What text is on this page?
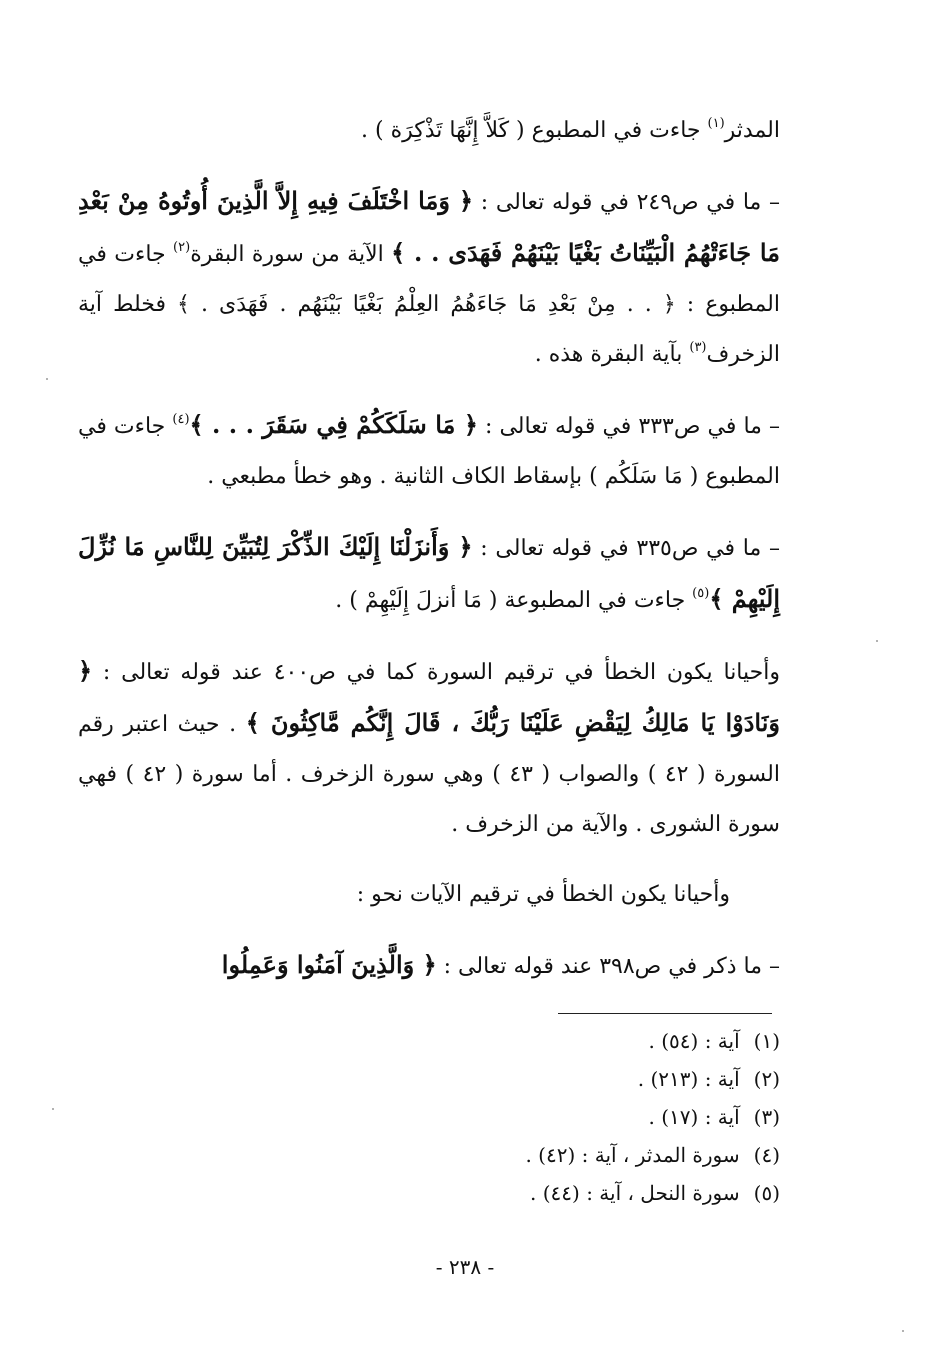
المدثر$^{(١)}$ جاءت في المطبوع ( كَلاَّ إِنَّهَا تَذْكِرَة ) .

– ما في ص٢٤٩ في قوله تعالى : ﴿ وَمَا اخْتَلَفَ فِيهِ إِلاَّ الَّذِينَ أُوتُوهُ مِنْ بَعْدِ مَا جَاءَتْهُمُ الْبَيِّنَاتُ بَغْيًا بَيْنَهُمْ فَهَدَى . . ﴾ الآية من سورة البقرة$^{(٢)}$ جاءت في المطبوع : ﴿ . . مِنْ بَعْدِ مَا جَاءَهُمُ العِلْمُ بَغْيًا بَيْنَهُم . فَهَدَى . ﴾ فخلط آية الزخرف$^{(٣)}$ بآية البقرة هذه .

– ما في ص٣٣٣ في قوله تعالى : ﴿ مَا سَلَكَكُمْ فِي سَقَرَ . . . ﴾$^{(٤)}$ جاءت في المطبوع ( مَا سَلَكُم ) بإسقاط الكاف الثانية . وهو خطأ مطبعي .

– ما في ص٣٣٥ في قوله تعالى : ﴿ وَأَنزَلْنَا إِلَيْكَ الذِّكْرَ لِتُبَيِّنَ لِلنَّاسِ مَا نُزِّلَ إِلَيْهِمْ ﴾$^{(٥)}$ جاءت في المطبوعة ( مَا أنزلَ إِلَيْهِمْ ) .

وأحيانا يكون الخطأ في ترقيم السورة كما في ص٤٠٠ عند قوله تعالى : ﴿ وَنَادَوْا يَا مَالِكُ لِيَقْضِ عَلَيْنَا رَبُّكَ ، قَالَ إِنَّكُم مَّاكِثُونَ ﴾ . حيث اعتبر رقم السورة ( ٤٢ ) والصواب ( ٤٣ ) وهي سورة الزخرف . أما سورة ( ٤٢ ) فهي سورة الشورى . والآية من الزخرف .

وأحيانا يكون الخطأ في ترقيم الآيات نحو :

– ما ذكر في ص٣٩٨ عند قوله تعالى : ﴿ وَالَّذِينَ آمَنُوا وَعَمِلُوا

(١) آية : (٥٤) .

(٢) آية : (٢١٣) .

(٣) آية : (١٧) .

(٤) سورة المدثر ، آية : (٤٢) .

(٥) سورة النحل ، آية : (٤٤) .

- ٢٣٨ -
